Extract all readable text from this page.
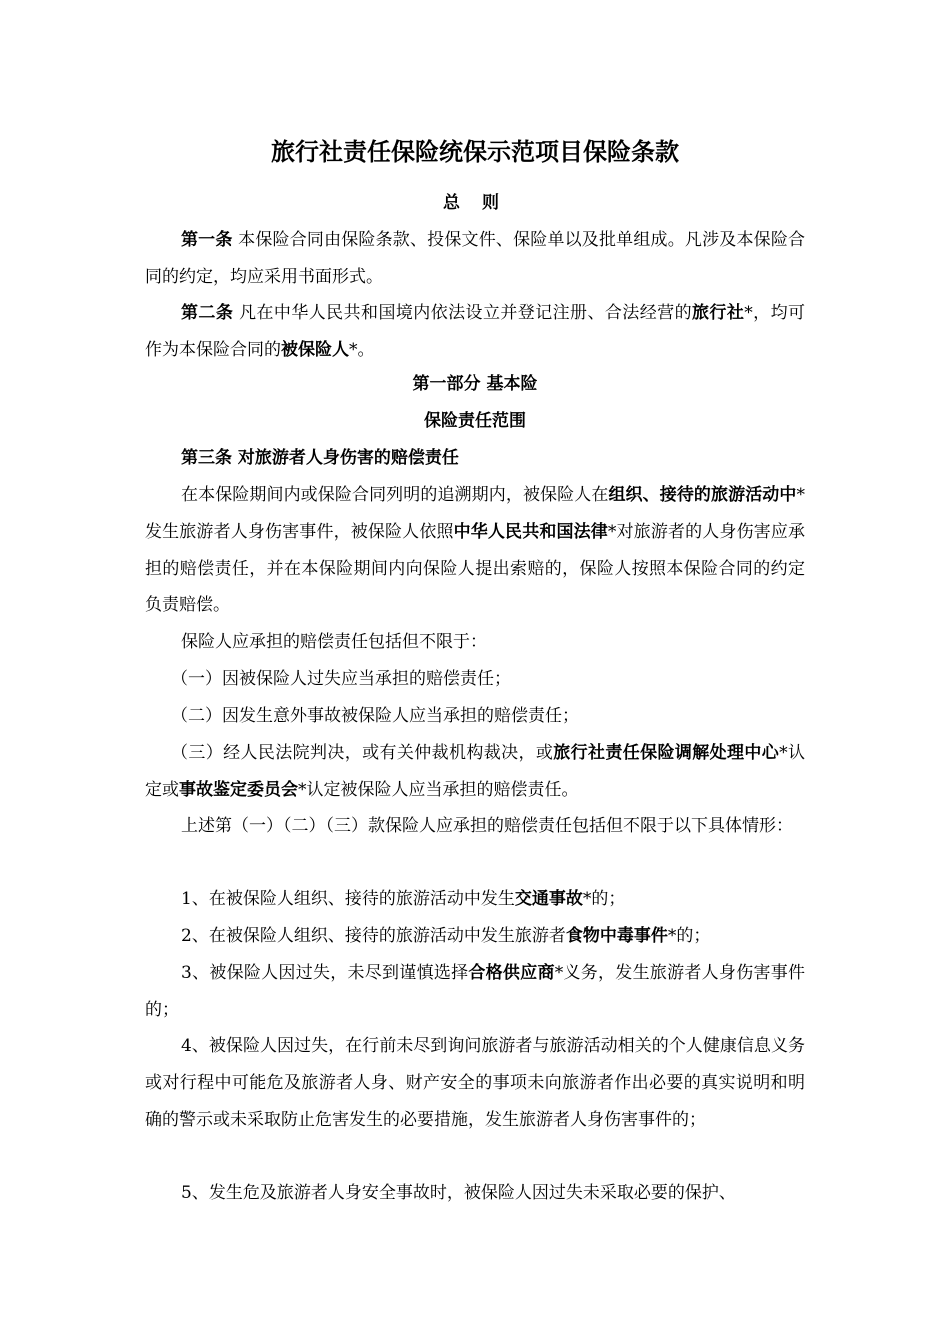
旅行社责任保险统保示范项目保险条款
总 则
第一条 本保险合同由保险条款、投保文件、保险单以及批单组成。凡涉及本保险合同的约定，均应采用书面形式。
第二条 凡在中华人民共和国境内依法设立并登记注册、合法经营的旅行社*，均可作为本保险合同的被保险人*。
第一部分 基本险
保险责任范围
第三条 对旅游者人身伤害的赔偿责任
在本保险期间内或保险合同列明的追溯期内，被保险人在组织、接待的旅游活动中*发生旅游者人身伤害事件，被保险人依照中华人民共和国法律*对旅游者的人身伤害应承担的赔偿责任，并在本保险期间内向保险人提出索赔的，保险人按照本保险合同的约定负责赔偿。
保险人应承担的赔偿责任包括但不限于：
（一）因被保险人过失应当承担的赔偿责任；
（二）因发生意外事故被保险人应当承担的赔偿责任；
（三）经人民法院判决，或有关仲裁机构裁决，或旅行社责任保险调解处理中心*认定或事故鉴定委员会*认定被保险人应当承担的赔偿责任。
上述第（一）（二）（三）款保险人应承担的赔偿责任包括但不限于以下具体情形：
1、在被保险人组织、接待的旅游活动中发生交通事故*的；
2、在被保险人组织、接待的旅游活动中发生旅游者食物中毒事件*的；
3、被保险人因过失，未尽到谨慎选择合格供应商*义务，发生旅游者人身伤害事件的；
4、被保险人因过失，在行前未尽到询问旅游者与旅游活动相关的个人健康信息义务或对行程中可能危及旅游者人身、财产安全的事项未向旅游者作出必要的真实说明和明确的警示或未采取防止危害发生的必要措施，发生旅游者人身伤害事件的；
5、发生危及旅游者人身安全事故时，被保险人因过失未采取必要的保护、
